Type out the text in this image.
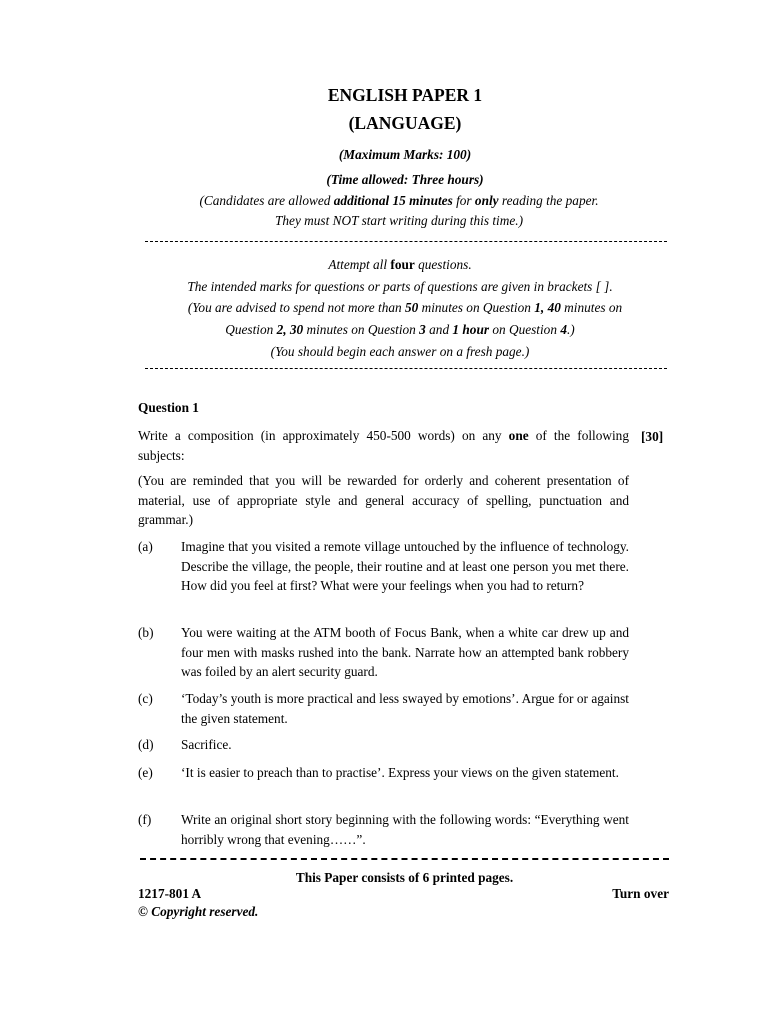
ENGLISH PAPER 1
(LANGUAGE)
(Maximum Marks: 100)
(Time allowed: Three hours)
(Candidates are allowed additional 15 minutes for only reading the paper.
They must NOT start writing during this time.)
Attempt all four questions.
The intended marks for questions or parts of questions are given in brackets [ ].
(You are advised to spend not more than 50 minutes on Question 1, 40 minutes on
Question 2, 30 minutes on Question 3 and 1 hour on Question 4.)
(You should begin each answer on a fresh page.)
Question 1
Write a composition (in approximately 450-500 words) on any one of the following subjects:
[30]
(You are reminded that you will be rewarded for orderly and coherent presentation of material, use of appropriate style and general accuracy of spelling, punctuation and grammar.)
(a) Imagine that you visited a remote village untouched by the influence of technology. Describe the village, the people, their routine and at least one person you met there. How did you feel at first? What were your feelings when you had to return?
(b) You were waiting at the ATM booth of Focus Bank, when a white car drew up and four men with masks rushed into the bank. Narrate how an attempted bank robbery was foiled by an alert security guard.
(c) ‘Today’s youth is more practical and less swayed by emotions’. Argue for or against the given statement.
(d) Sacrifice.
(e) ‘It is easier to preach than to practise’. Express your views on the given statement.
(f) Write an original short story beginning with the following words: “Everything went horribly wrong that evening……”.
This Paper consists of 6 printed pages.
1217-801 A	Turn over
© Copyright reserved.
